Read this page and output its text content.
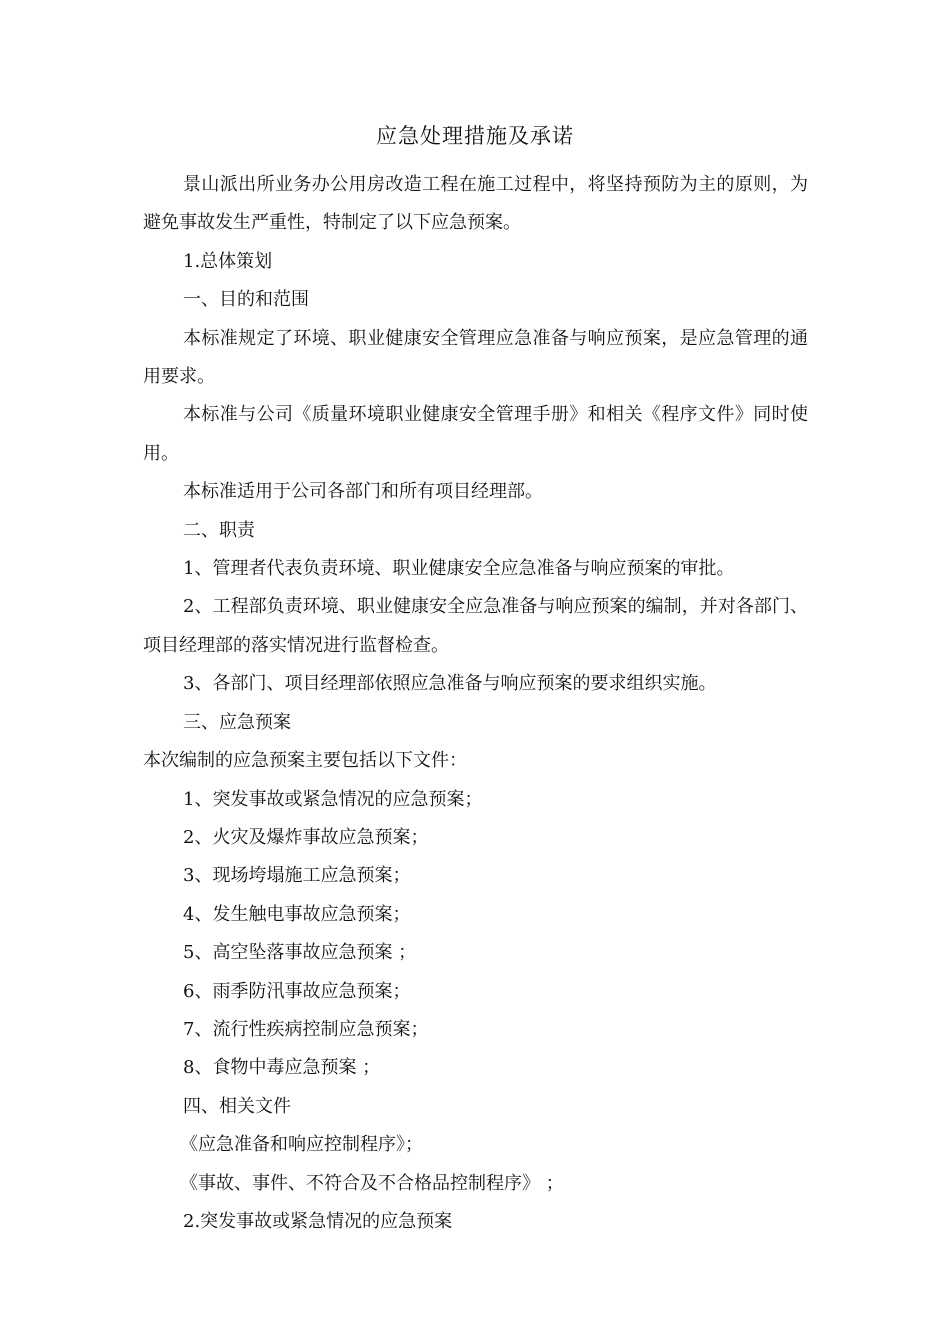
应急处理措施及承诺

景山派出所业务办公用房改造工程在施工过程中，将坚持预防为主的原则，为避免事故发生严重性，特制定了以下应急预案。

1.总体策划

一、目的和范围

本标准规定了环境、职业健康安全管理应急准备与响应预案，是应急管理的通用要求。

本标准与公司《质量环境职业健康安全管理手册》和相关《程序文件》同时使用。

本标准适用于公司各部门和所有项目经理部。

二、职责

1、管理者代表负责环境、职业健康安全应急准备与响应预案的审批。

2、工程部负责环境、职业健康安全应急准备与响应预案的编制，并对各部门、项目经理部的落实情况进行监督检查。

3、各部门、项目经理部依照应急准备与响应预案的要求组织实施。

三、应急预案

本次编制的应急预案主要包括以下文件：

1、突发事故或紧急情况的应急预案；

2、火灾及爆炸事故应急预案；

3、现场垮塌施工应急预案；

4、发生触电事故应急预案；

5、高空坠落事故应急预案 ；

6、雨季防汛事故应急预案；

7、流行性疾病控制应急预案；

8、食物中毒应急预案 ；

四、相关文件

《应急准备和响应控制程序》；

《事故、事件、不符合及不合格品控制程序》 ；

2.突发事故或紧急情况的应急预案
